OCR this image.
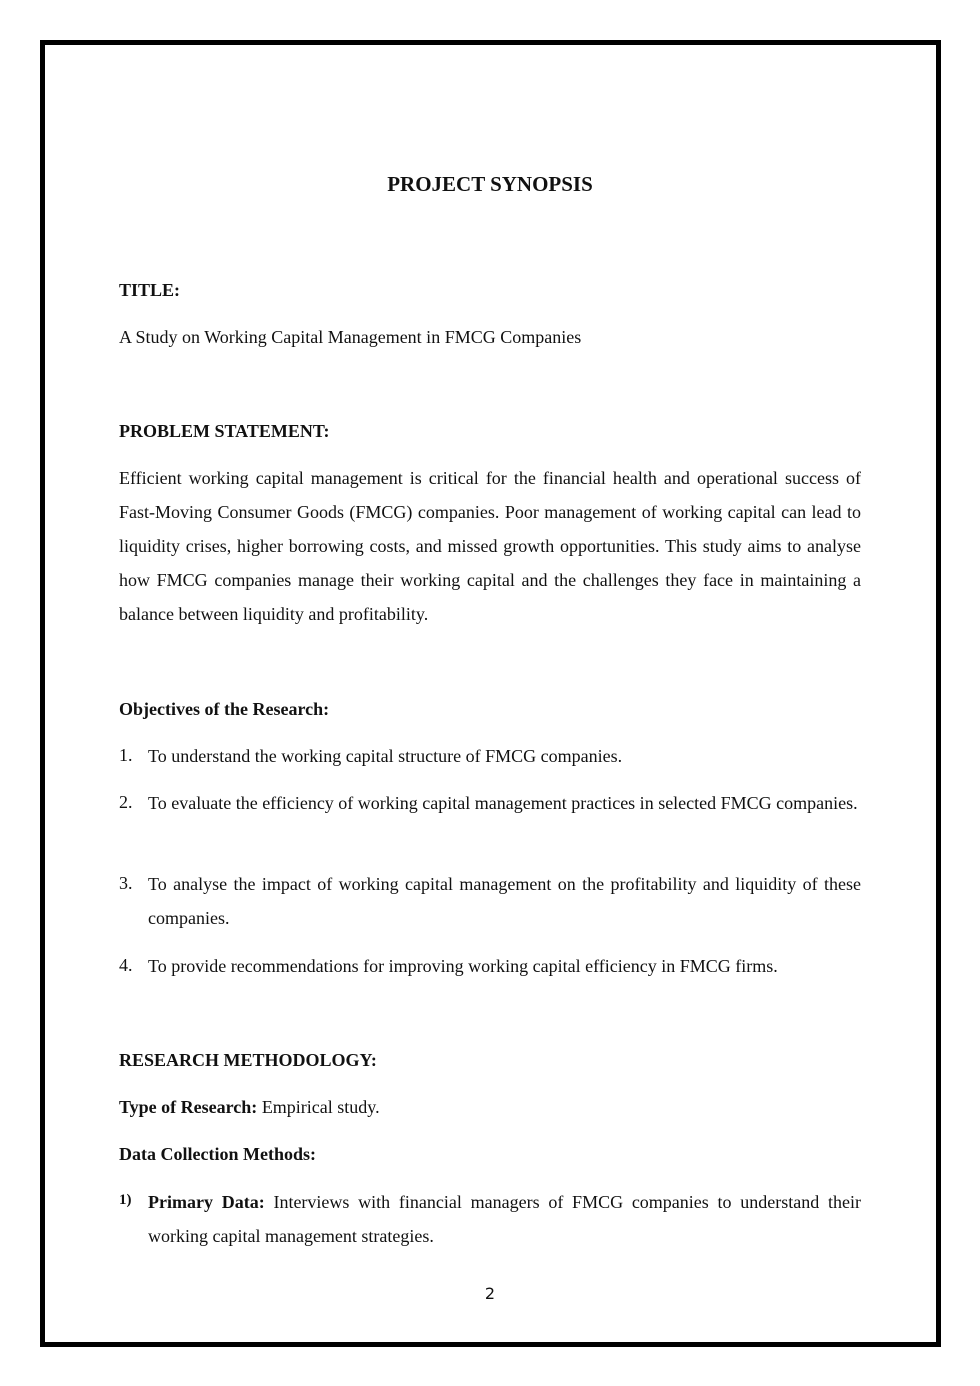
PROJECT SYNOPSIS
TITLE:
A Study on Working Capital Management in FMCG Companies
PROBLEM STATEMENT:
Efficient working capital management is critical for the financial health and operational success of Fast-Moving Consumer Goods (FMCG) companies. Poor management of working capital can lead to liquidity crises, higher borrowing costs, and missed growth opportunities. This study aims to analyse how FMCG companies manage their working capital and the challenges they face in maintaining a balance between liquidity and profitability.
Objectives of the Research:
1. To understand the working capital structure of FMCG companies.
2. To evaluate the efficiency of working capital management practices in selected FMCG companies.
3. To analyse the impact of working capital management on the profitability and liquidity of these companies.
4. To provide recommendations for improving working capital efficiency in FMCG firms.
RESEARCH METHODOLOGY:
Type of Research: Empirical study.
Data Collection Methods:
1) Primary Data: Interviews with financial managers of FMCG companies to understand their working capital management strategies.
2
